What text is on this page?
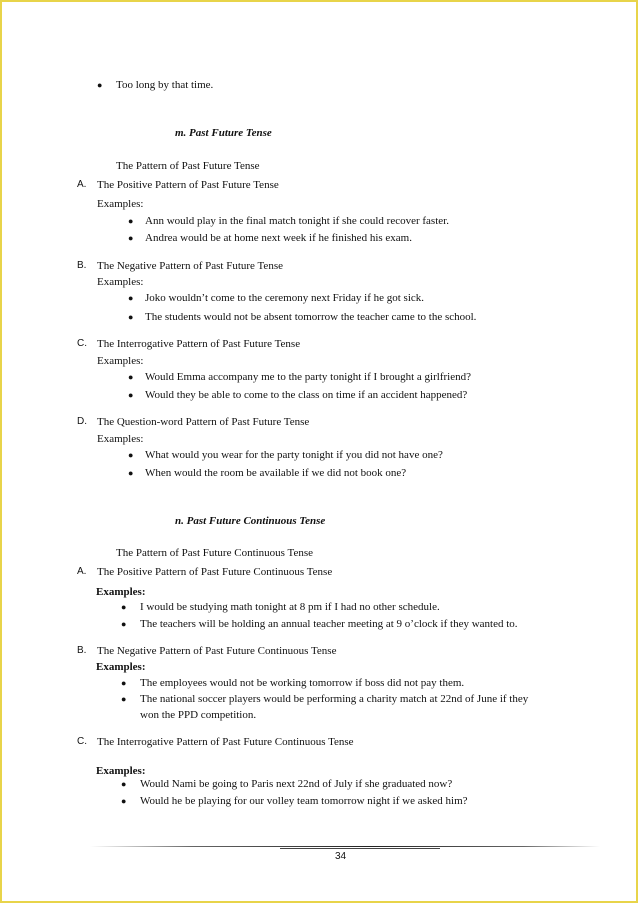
● Too long by that time.
m. Past Future Tense
The Pattern of Past Future Tense
A. The Positive Pattern of Past Future Tense
Examples:
● Ann would play in the final match tonight if she could recover faster.
● Andrea would be at home next week if he finished his exam.
B. The Negative Pattern of Past Future Tense
Examples:
● Joko wouldn’t come to the ceremony next Friday if he got sick.
● The students would not be absent tomorrow the teacher came to the school.
C. The Interrogative Pattern of Past Future Tense
Examples:
● Would Emma accompany me to the party tonight if I brought a girlfriend?
● Would they be able to come to the class on time if an accident happened?
D. The Question-word Pattern of Past Future Tense
Examples:
● What would you wear for the party tonight if you did not have one?
● When would the room be available if we did not book one?
n. Past Future Continuous Tense
The Pattern of Past Future Continuous Tense
A. The Positive Pattern of Past Future Continuous Tense
Examples:
● I would be studying math tonight at 8 pm if I had no other schedule.
● The teachers will be holding an annual teacher meeting at 9 o’clock if they wanted to.
B. The Negative Pattern of Past Future Continuous Tense
Examples:
● The employees would not be working tomorrow if boss did not pay them.
● The national soccer players would be performing a charity match at 22nd of June if they
won the PPD competition.
C. The Interrogative Pattern of Past Future Continuous Tense
Examples:
● Would Nami be going to Paris next 22nd of July if she graduated now?
● Would he be playing for our volley team tomorrow night if we asked him?
34
